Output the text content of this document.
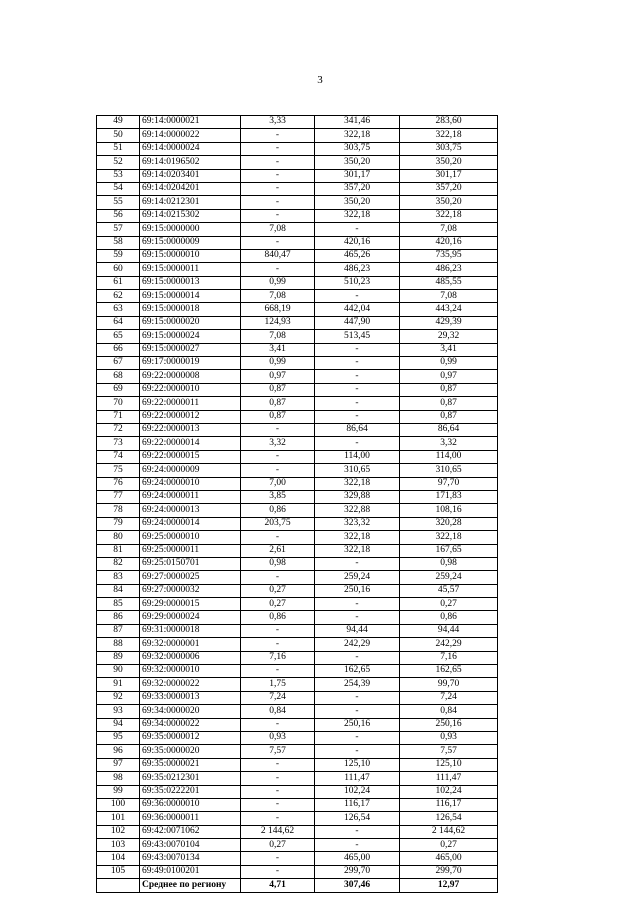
3
49	69:14:0000021	3,33	341,46	283,60
50	69:14:0000022	-	322,18	322,18
51	69:14:0000024	-	303,75	303,75
52	69:14:0196502	-	350,20	350,20
53	69:14:0203401	-	301,17	301,17
54	69:14:0204201	-	357,20	357,20
55	69:14:0212301	-	350,20	350,20
56	69:14:0215302	-	322,18	322,18
57	69:15:0000000	7,08	-	7,08
58	69:15:0000009	-	420,16	420,16
59	69:15:0000010	840,47	465,26	735,95
60	69:15:0000011	-	486,23	486,23
61	69:15:0000013	0,99	510,23	485,55
62	69:15:0000014	7,08	-	7,08
63	69:15:0000018	668,19	442,04	443,24
64	69:15:0000020	124,93	447,90	429,39
65	69:15:0000024	7,08	513,45	29,32
66	69:15:0000027	3,41	-	3,41
67	69:17:0000019	0,99	-	0,99
68	69:22:0000008	0,97	-	0,97
69	69:22:0000010	0,87	-	0,87
70	69:22:0000011	0,87	-	0,87
71	69:22:0000012	0,87	-	0,87
72	69:22:0000013	-	86,64	86,64
73	69:22:0000014	3,32	-	3,32
74	69:22:0000015	-	114,00	114,00
75	69:24:0000009	-	310,65	310,65
76	69:24:0000010	7,00	322,18	97,70
77	69:24:0000011	3,85	329,88	171,83
78	69:24:0000013	0,86	322,88	108,16
79	69:24:0000014	203,75	323,32	320,28
80	69:25:0000010	-	322,18	322,18
81	69:25:0000011	2,61	322,18	167,65
82	69:25:0150701	0,98	-	0,98
83	69:27:0000025	-	259,24	259,24
84	69:27:0000032	0,27	250,16	45,57
85	69:29:0000015	0,27	-	0,27
86	69:29:0000024	0,86	-	0,86
87	69:31:0000018	-	94,44	94,44
88	69:32:0000001	-	242,29	242,29
89	69:32:0000006	7,16	-	7,16
90	69:32:0000010	-	162,65	162,65
91	69:32:0000022	1,75	254,39	99,70
92	69:33:0000013	7,24	-	7,24
93	69:34:0000020	0,84	-	0,84
94	69:34:0000022	-	250,16	250,16
95	69:35:0000012	0,93	-	0,93
96	69:35:0000020	7,57	-	7,57
97	69:35:0000021	-	125,10	125,10
98	69:35:0212301	-	111,47	111,47
99	69:35:0222201	-	102,24	102,24
100	69:36:0000010	-	116,17	116,17
101	69:36:0000011	-	126,54	126,54
102	69:42:0071062	2 144,62	-	2 144,62
103	69:43:0070104	0,27	-	0,27
104	69:43:0070134	-	465,00	465,00
105	69:49:0100201	-	299,70	299,70
	Среднее по региону	4,71	307,46	12,97
